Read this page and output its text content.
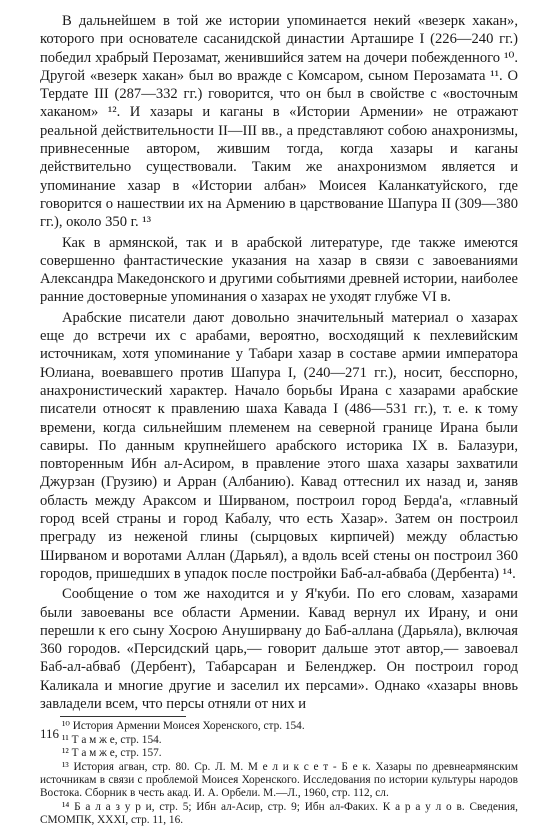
В дальнейшем в той же истории упоминается некий «везерк хакан», которого при основателе сасанидской династии Арташире I (226—240 гг.) победил храбрый Перозамат, женившийся затем на дочери побежденного ¹⁰. Другой «везерк хакан» был во вражде с Комсаром, сыном Перозамата ¹¹. О Тердате III (287—332 гг.) говорится, что он был в свойстве с «восточным хаканом» ¹². И хазары и каганы в «Истории Армении» не отражают реальной действительности II—III вв., а представляют собою анахронизмы, привнесенные автором, жившим тогда, когда хазары и каганы действительно существовали. Таким же анахронизмом является и упоминание хазар в «Истории албан» Моисея Каланкатуйского, где говорится о нашествии их на Армению в царствование Шапура II (309—380 гг.), около 350 г. ¹³

Как в армянской, так и в арабской литературе, где также имеются совершенно фантастические указания на хазар в связи с завоеваниями Александра Македонского и другими событиями древней истории, наиболее ранние достоверные упоминания о хазарах не уходят глубже VI в.

Арабские писатели дают довольно значительный материал о хазарах еще до встречи их с арабами, вероятно, восходящий к пехлевийским источникам, хотя упоминание у Табари хазар в составе армии императора Юлиана, воевавшего против Шапура I, (240—271 гг.), носит, бесспорно, анахронистический характер. Начало борьбы Ирана с хазарами арабские писатели относят к правлению шаха Кавада I (486—531 гг.), т. е. к тому времени, когда сильнейшим племенем на северной границе Ирана были савиры. По данным крупнейшего арабского историка IX в. Балазури, повторенным Ибн ал-Асиром, в правление этого шаха хазары захватили Джурзан (Грузию) и Арран (Албанию). Кавад оттеснил их назад и, заняв область между Араксом и Ширваном, построил город Берда'а, «главный город всей страны и город Кабалу, что есть Хазар». Затем он построил преграду из неженой глины (сырцовых кирпичей) между областью Ширваном и воротами Аллан (Дарьял), а вдоль всей стены он построил 360 городов, пришедших в упадок после постройки Баб-ал-абваба (Дербента) ¹⁴.

Сообщение о том же находится и у Я'куби. По его словам, хазарами были завоеваны все области Армении. Кавад вернул их Ирану, и они перешли к его сыну Хосрою Ануширвану до Баб-аллана (Дарьяла), включая 360 городов. «Персидский царь,— говорит дальше этот автор,— завоевал Баб-ал-абваб (Дербент), Табарсаран и Беленджер. Он построил город Каликала и многие другие и заселил их персами». Однако «хазары вновь завладели всем, что персы отняли от них и

¹⁰ История Армении Моисея Хоренского, стр. 154.

¹¹ Т а м ж е, стр. 154.

¹² Т а м ж е, стр. 157.

¹³ История агван, стр. 80. Ср. Л. М. М е л и к с е т - Б е к. Хазары по древнеармянским источникам в связи с проблемой Моисея Хоренского. Исследования по истории культуры народов Востока. Сборник в честь акад. И. А. Орбели. М.—Л., 1960, стр. 112, сл.

¹⁴ Б а л а з у р и, стр. 5; Ибн ал-Асир, стр. 9; Ибн ал-Факих. К а р а у л о в. Сведения, СМОМПК, XXXI, стр. 11, 16.

116
